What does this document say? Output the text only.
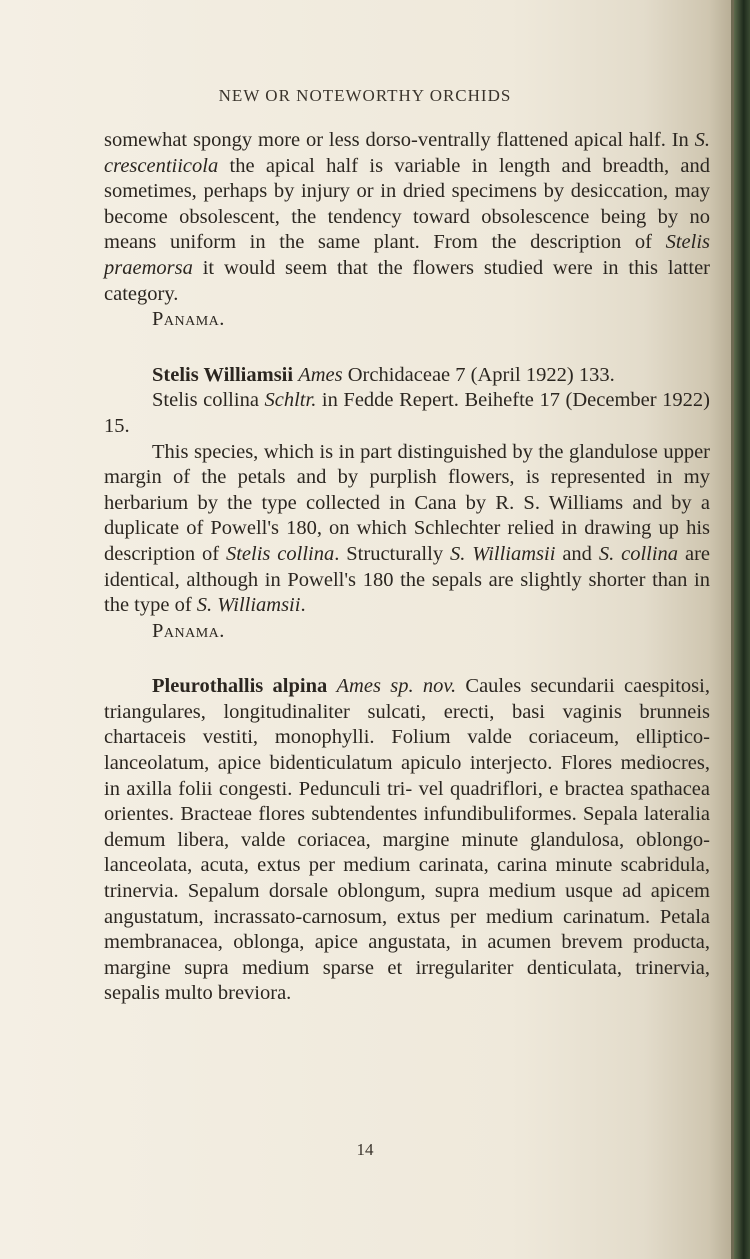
NEW OR NOTEWORTHY ORCHIDS

somewhat spongy more or less dorso-ventrally flattened apical half. In S. crescentiicola the apical half is variable in length and breadth, and sometimes, perhaps by injury or in dried specimens by desiccation, may become obsolescent, the tendency toward obsolescence being by no means uniform in the same plant. From the description of Stelis praemorsa it would seem that the flowers studied were in this latter category.

Panama.

Stelis Williamsii Ames Orchidaceae 7 (April 1922) 133.

Stelis collina Schltr. in Fedde Repert. Beihefte 17 (December 1922) 15.

This species, which is in part distinguished by the glandulose upper margin of the petals and by purplish flowers, is represented in my herbarium by the type collected in Cana by R. S. Williams and by a duplicate of Powell's 180, on which Schlechter relied in drawing up his description of Stelis collina. Structurally S. Williamsii and S. collina are identical, although in Powell's 180 the sepals are slightly shorter than in the type of S. Williamsii.

Panama.

Pleurothallis alpina Ames sp. nov. Caules secundarii caespitosi, triangulares, longitudinaliter sulcati, erecti, basi vaginis brunneis chartaceis vestiti, monophylli. Folium valde coriaceum, elliptico-lanceolatum, apice bidenticulatum apiculo interjecto. Flores mediocres, in axilla folii congesti. Pedunculi tri- vel quadriflori, e bractea spathacea orientes. Bracteae flores subtendentes infundibuliformes. Sepala lateralia demum libera, valde coriacea, margine minute glandulosa, oblongo-lanceolata, acuta, extus per medium carinata, carina minute scabridula, trinervia. Sepalum dorsale oblongum, supra medium usque ad apicem angustatum, incrassato-carnosum, extus per medium carinatum. Petala membranacea, oblonga, apice angustata, in acumen brevem producta, margine supra medium sparse et irregulariter denticulata, trinervia, sepalis multo breviora.

14
